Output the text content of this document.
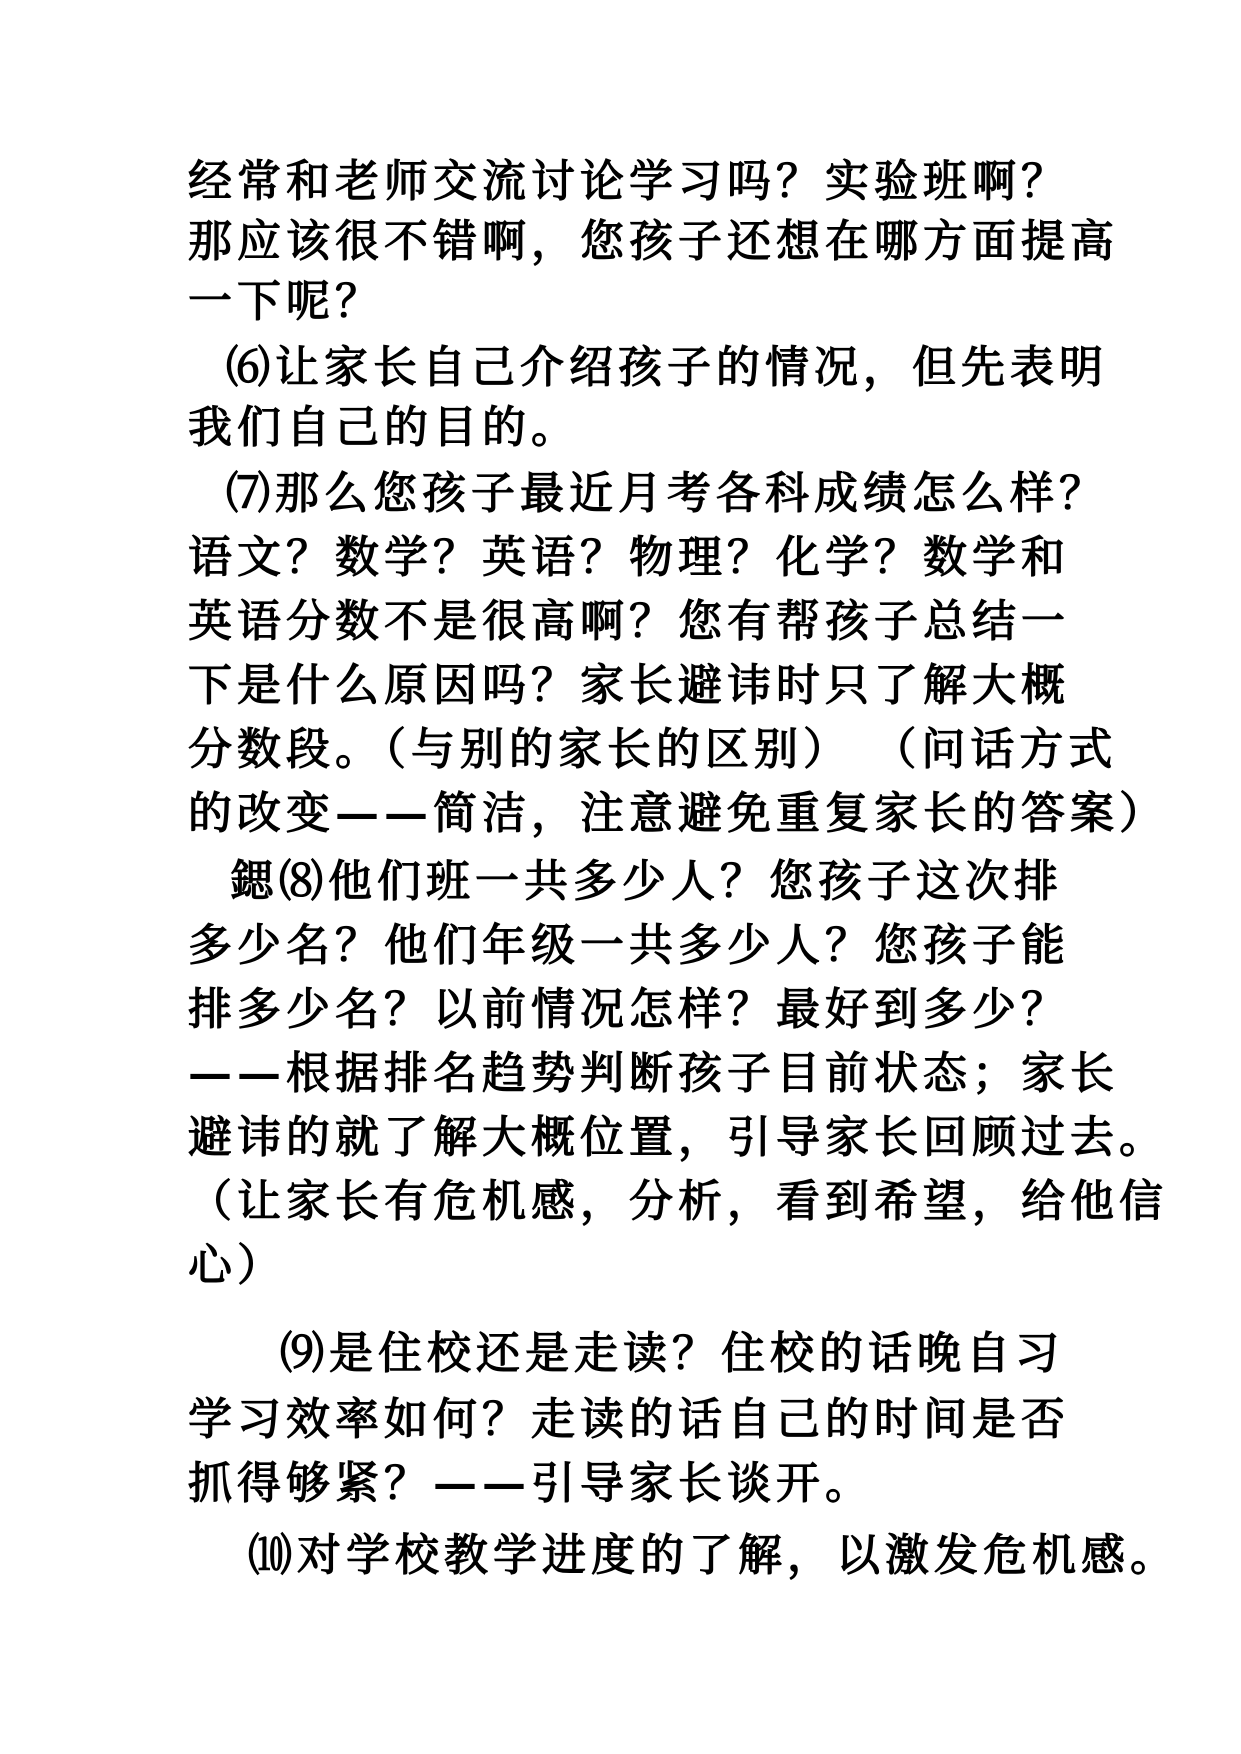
经常和老师交流讨论学习吗？实验班啊？
那应该很不错啊，您孩子还想在哪方面提高
一下呢？
⑹让家长自己介绍孩子的情况，但先表明
我们自己的目的。
⑺那么您孩子最近月考各科成绩怎么样？
语文？数学？英语？物理？化学？数学和
英语分数不是很高啊？您有帮孩子总结一
下是什么原因吗？家长避讳时只了解大概
分数段。（与别的家长的区别） （问话方式
的改变——简洁，注意避免重复家长的答案）
鍶⑻他们班一共多少人？您孩子这次排
多少名？他们年级一共多少人？您孩子能
排多少名？以前情况怎样？最好到多少？
——根据排名趋势判断孩子目前状态；家长
避讳的就了解大概位置，引导家长回顾过去。
（让家长有危机感，分析，看到希望，给他信
心）
⑼是住校还是走读？住校的话晚自习
学习效率如何？走读的话自己的时间是否
抓得够紧？——引导家长谈开。
⑽对学校教学进度的了解，以激发危机感。
